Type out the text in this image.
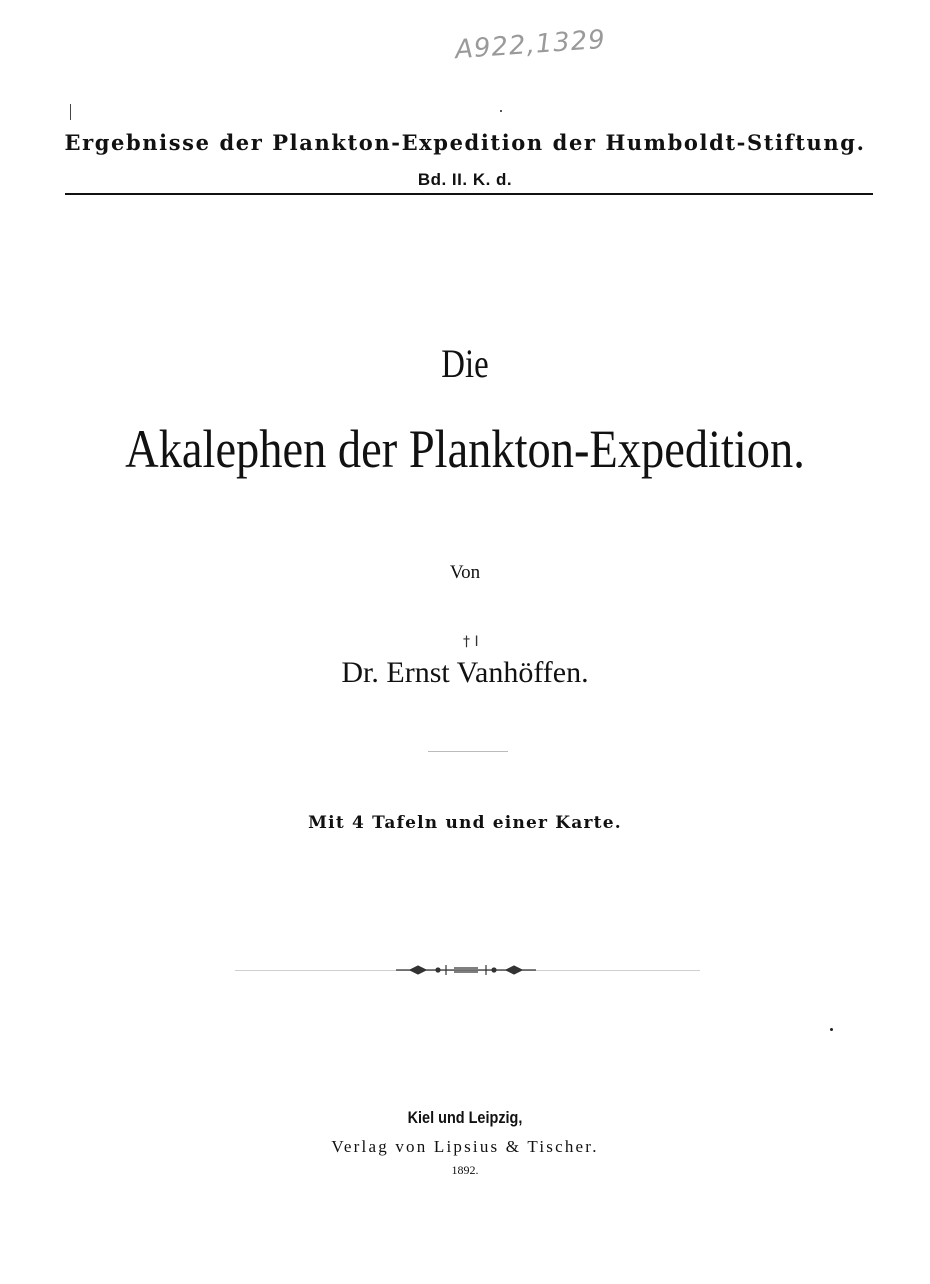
A922,1329
Ergebnisse der Plankton-Expedition der Humboldt-Stiftung.
Bd. II. K. d.
Die
Akalephen der Plankton-Expedition.
Von
† I
Dr. Ernst Vanhöffen.
Mit 4 Tafeln und einer Karte.
Kiel und Leipzig,
Verlag von Lipsius & Tischer.
1892.
